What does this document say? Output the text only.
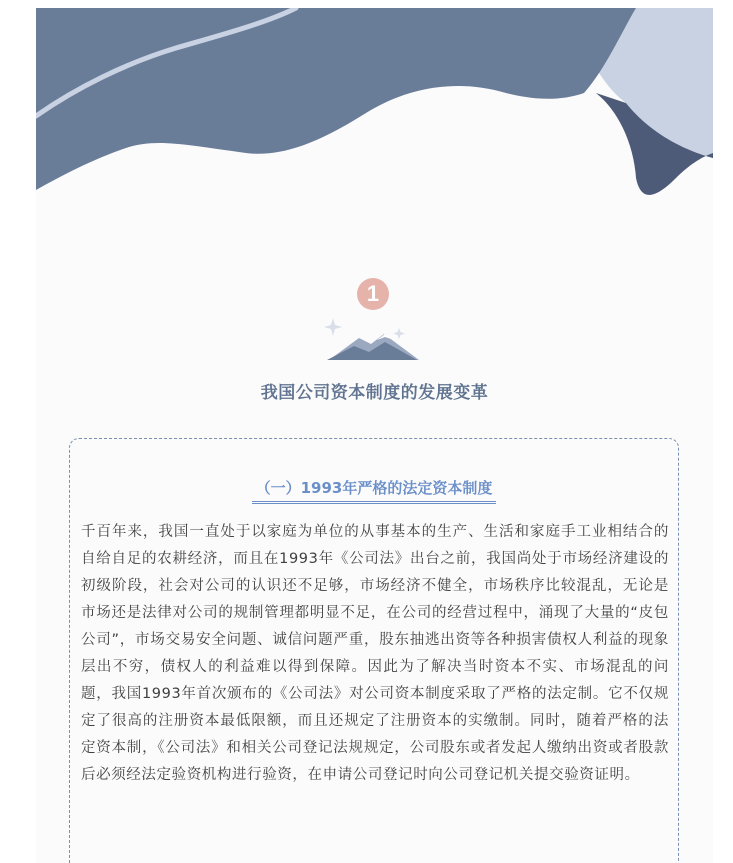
1
我国公司资本制度的发展变革
（一）1993年严格的法定资本制度
千百年来，我国一直处于以家庭为单位的从事基本的生产、生活和家庭手工业相结合的自给自足的农耕经济，而且在1993年《公司法》出台之前，我国尚处于市场经济建设的初级阶段，社会对公司的认识还不足够，市场经济不健全，市场秩序比较混乱，无论是市场还是法律对公司的规制管理都明显不足，在公司的经营过程中，涌现了大量的“皮包公司”，市场交易安全问题、诚信问题严重，股东抽逃出资等各种损害债权人利益的现象层出不穷，债权人的利益难以得到保障。因此为了解决当时资本不实、市场混乱的问题，我国1993年首次颁布的《公司法》对公司资本制度采取了严格的法定制。它不仅规定了很高的注册资本最低限额，而且还规定了注册资本的实缴制。同时，随着严格的法定资本制，《公司法》和相关公司登记法规规定，公司股东或者发起人缴纳出资或者股款后必须经法定验资机构进行验资，在申请公司登记时向公司登记机关提交验资证明。
